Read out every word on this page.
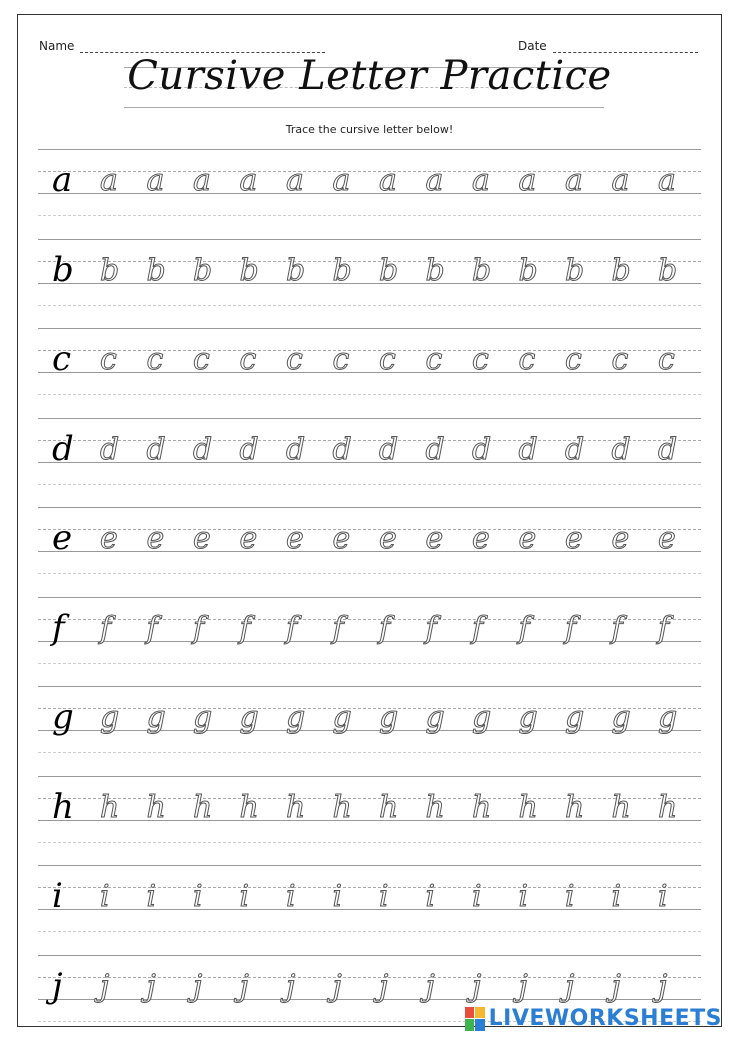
Name	Date
Cursive Letter Practice
Trace the cursive letter below!
a a a a a a a a a a a a a a
b b b b b b b b b b b b b b
c c c c c c c c c c c c c c
d d d d d d d d d d d d d d
e e e e e e e e e e e e e e
f f f f f f f f f f f f f f
g g g g g g g g g g g g g g
h h h h h h h h h h h h h h
i i i i i i i i i i i i i i
j j j j j j j j j j j j j j
LIVEWORKSHEETS
